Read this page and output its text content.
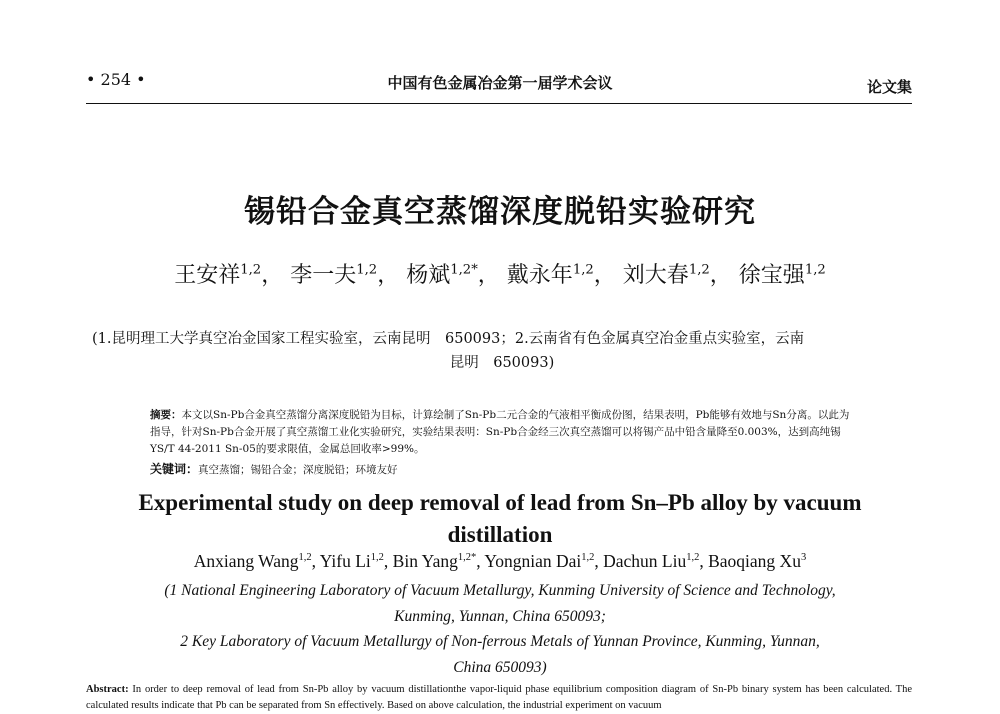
• 254 •	中国有色金属冶金第一届学术会议	论文集
锡铅合金真空蒸馏深度脱铅实验研究
王安祥$^{1,2}$， 李一夫$^{1,2}$， 杨斌$^{1,2*}$， 戴永年$^{1,2}$， 刘大春$^{1,2}$， 徐宝强$^{1,2}$
(1.昆明理工大学真空冶金国家工程实验室，云南昆明　650093；2.云南省有色金属真空冶金重点实验室，云南
昆明　650093)
摘要：本文以Sn-Pb合金真空蒸馏分离深度脱铅为目标，计算绘制了Sn-Pb二元合金的气液相平衡成份图，结果表明，Pb能够有效地与Sn分离。以此为指导，针对Sn-Pb合金开展了真空蒸馏工业化实验研究，实验结果表明：Sn-Pb合金经三次真空蒸馏可以将锡产品中铅含量降至0.003%，达到高纯锡YS/T 44-2011 Sn-05的要求限值，金属总回收率>99%。
关键词：真空蒸馏；锡铅合金；深度脱铅；环境友好
Experimental study on deep removal of lead from Sn–Pb alloy by vacuum distillation
Anxiang Wang$^{1,2}$, Yifu Li$^{1,2}$, Bin Yang$^{1,2*}$, Yongnian Dai$^{1,2}$, Dachun Liu$^{1,2}$, Baoqiang Xu$^3$
(1 National Engineering Laboratory of Vacuum Metallurgy, Kunming University of Science and Technology,
Kunming, Yunnan, China 650093;
2 Key Laboratory of Vacuum Metallurgy of Non-ferrous Metals of Yunnan Province, Kunming, Yunnan,
China 650093)
Abstract: In order to deep removal of lead from Sn-Pb alloy by vacuum distillationthe vapor-liquid phase equilibrium composition diagram of Sn-Pb binary system has been calculated. The calculated results indicate that Pb can be separated from Sn effectively. Based on above calculation, the industrial experiment on vacuum
